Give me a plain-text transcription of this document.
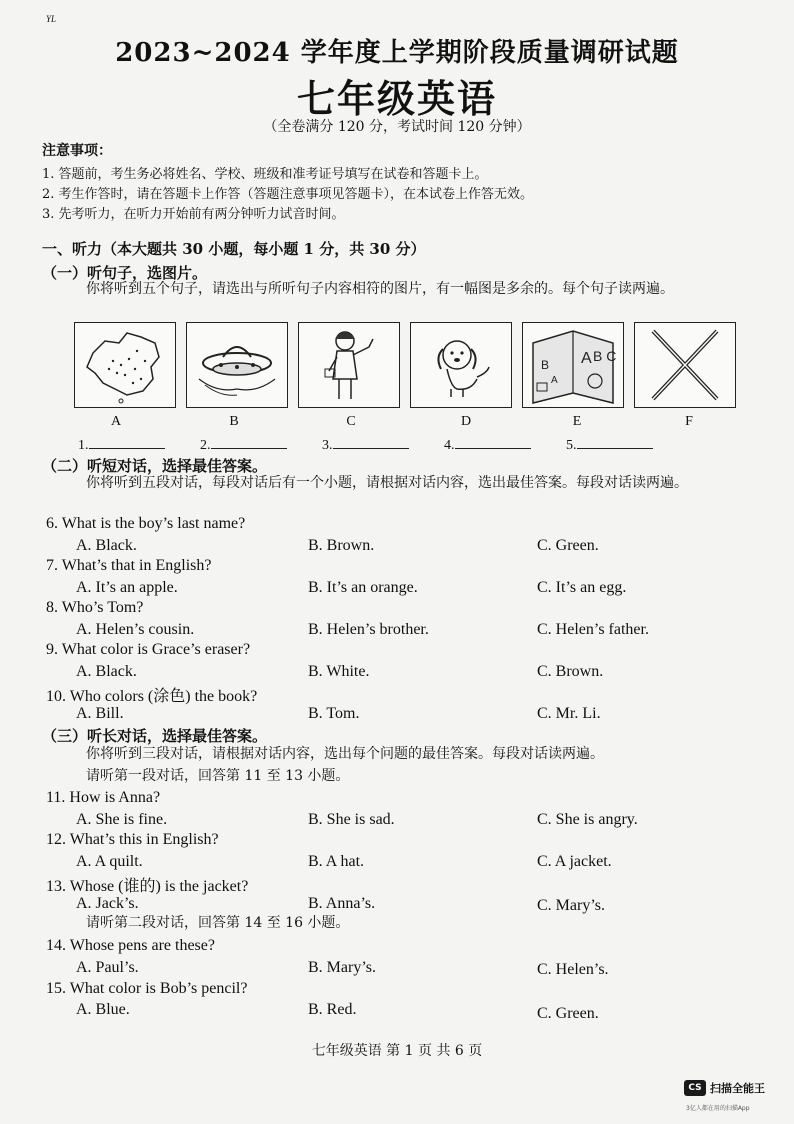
YL
2023~2024 学年度上学期阶段质量调研试题
七年级英语
（全卷满分 120 分，考试时间 120 分钟）
注意事项：
1. 答题前，考生务必将姓名、学校、班级和准考证号填写在试卷和答题卡上。
2. 考生作答时，请在答题卡上作答（答题注意事项见答题卡），在本试卷上作答无效。
3. 先考听力，在听力开始前有两分钟听力试音时间。
一、听力（本大题共 30 小题，每小题 1 分，共 30 分）
（一）听句子，选图片。
你将听到五个句子，请选出与所听句子内容相符的图片，有一幅图是多余的。每个句子读两遍。
A B C
B
A
A	B	C	D	E	F
1.	2.	3.	4.	5.
（二）听短对话，选择最佳答案。
你将听到五段对话，每段对话后有一个小题，请根据对话内容，选出最佳答案。每段对话读两遍。
6. What is the boy’s last name?
A. Black.	B. Brown.	C. Green.
7. What’s that in English?
A. It’s an apple.	B. It’s an orange.	C. It’s an egg.
8. Who’s Tom?
A. Helen’s cousin.	B. Helen’s brother.	C. Helen’s father.
9. What color is Grace’s eraser?
A. Black.	B. White.	C. Brown.
10. Who colors (涂色) the book?
A. Bill.	B. Tom.	C. Mr. Li.
（三）听长对话，选择最佳答案。
你将听到三段对话，请根据对话内容，选出每个问题的最佳答案。每段对话读两遍。
请听第一段对话，回答第 11 至 13 小题。
11. How is Anna?
A. She is fine.	B. She is sad.	C. She is angry.
12. What’s this in English?
A. A quilt.	B. A hat.	C. A jacket.
13. Whose (谁的) is the jacket?
A. Jack’s.	B. Anna’s.	C. Mary’s.
请听第二段对话，回答第 14 至 16 小题。
14. Whose pens are these?
A. Paul’s.	B. Mary’s.	C. Helen’s.
15. What color is Bob’s pencil?
A. Blue.	B. Red.	C. Green.
七年级英语 第 1 页 共 6 页
CS 扫描全能王
3亿人都在用的扫描App
